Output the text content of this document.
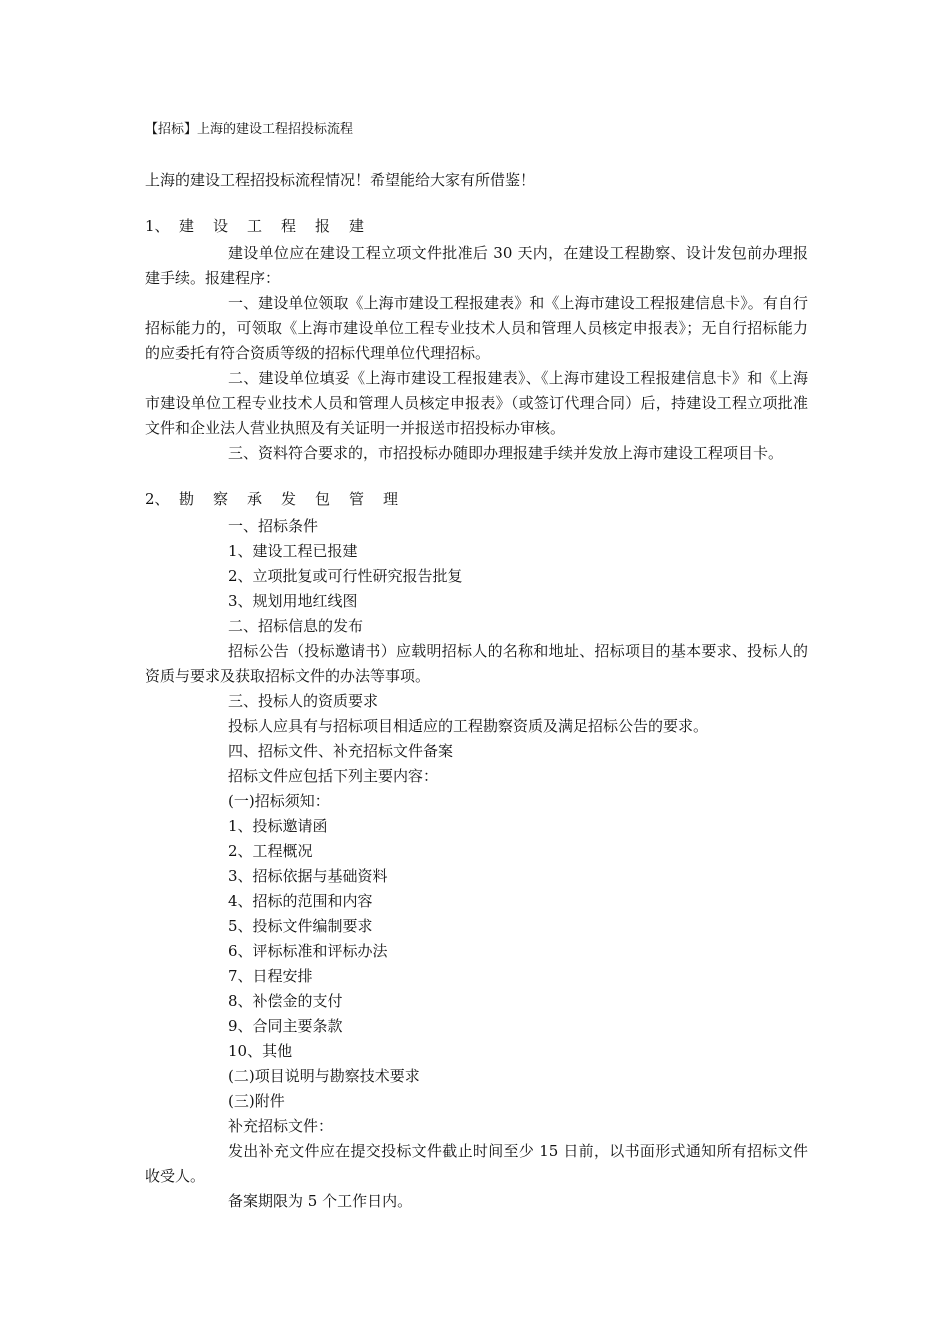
【招标】上海的建设工程招投标流程
上海的建设工程招投标流程情况！希望能给大家有所借鉴！
1、 建 设 工 程 报 建

建设单位应在建设工程立项文件批准后 30 天内，在建设工程勘察、设计发包前办理报建手续。报建程序：

一、建设单位领取《上海市建设工程报建表》和《上海市建设工程报建信息卡》。有自行招标能力的，可领取《上海市建设单位工程专业技术人员和管理人员核定申报表》；无自行招标能力的应委托有符合资质等级的招标代理单位代理招标。

二、建设单位填妥《上海市建设工程报建表》、《上海市建设工程报建信息卡》和《上海市建设单位工程专业技术人员和管理人员核定申报表》（或签订代理合同）后，持建设工程立项批准文件和企业法人营业执照及有关证明一并报送市招投标办审核。

三、资料符合要求的，市招投标办随即办理报建手续并发放上海市建设工程项目卡。

2、 勘 察 承 发 包 管 理
一、招标条件
1、建设工程已报建
2、立项批复或可行性研究报告批复
3、规划用地红线图
二、招标信息的发布

招标公告（投标邀请书）应载明招标人的名称和地址、招标项目的基本要求、投标人的资质与要求及获取招标文件的办法等事项。

三、投标人的资质要求
投标人应具有与招标项目相适应的工程勘察资质及满足招标公告的要求。
四、招标文件、补充招标文件备案
招标文件应包括下列主要内容：
(一)招标须知：
1、投标邀请函
2、工程概况
3、招标依据与基础资料
4、招标的范围和内容
5、投标文件编制要求
6、评标标准和评标办法
7、日程安排
8、补偿金的支付
9、合同主要条款
10、其他
(二)项目说明与勘察技术要求
(三)附件
补充招标文件：

发出补充文件应在提交投标文件截止时间至少 15 日前，以书面形式通知所有招标文件收受人。

备案期限为 5 个工作日内。
